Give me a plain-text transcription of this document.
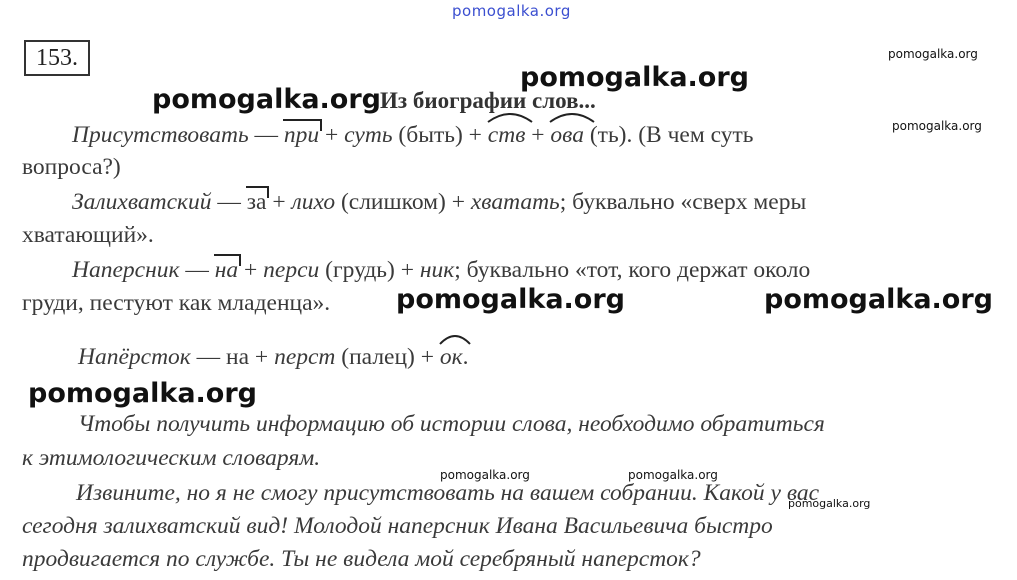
pomogalka.org
pomogalka.org
pomogalka.org
pomogalka.org
pomogalka.org
pomogalka.org	pomogalka.org
pomogalka.org
pomogalka.org	pomogalka.org
pomogalka.org
153.
Из биографии слов...
Присутствовать — при + суть (быть) +
ств +
ова (ть). (В чем суть
вопроса?)
Залихватский — за + лихо (слишком) + хватать; буквально «сверх меры
хватающий».
Наперсник — на + перси (грудь) + ник; буквально «тот, кого держат около
груди, пестуют как младенца».
Напёрсток — на + перст (палец) +
ок.
Чтобы получить информацию об истории слова, необходимо обратиться
к этимологическим словарям.
Извините, но я не смогу присутствовать на вашем собрании. Какой у вас
сегодня залихватский вид! Молодой наперсник Ивана Васильевича быстро
продвигается по службе. Ты не видела мой серебряный наперсток?
